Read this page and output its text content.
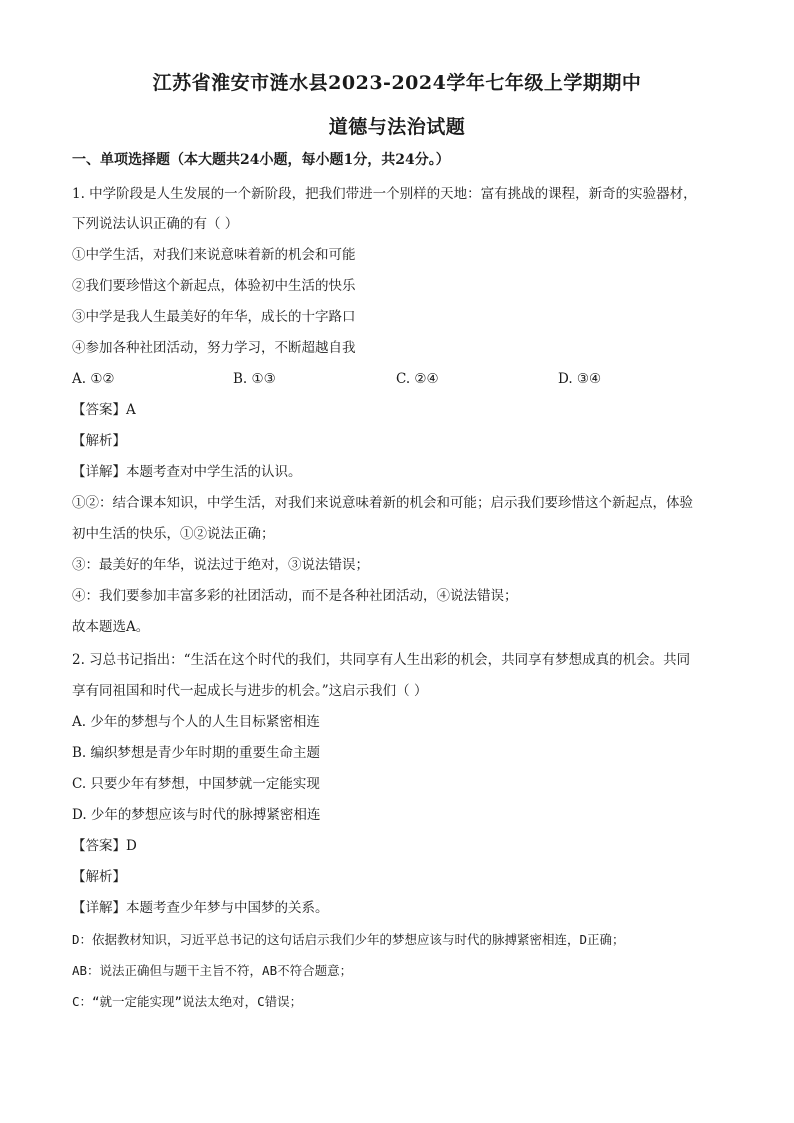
江苏省淮安市涟水县2023-2024学年七年级上学期期中
道德与法治试题
一、单项选择题（本大题共24小题，每小题1分，共24分。）
1. 中学阶段是人生发展的一个新阶段，把我们带进一个别样的天地：富有挑战的课程，新奇的实验器材，
下列说法认识正确的有（ ）
①中学生活，对我们来说意味着新的机会和可能
②我们要珍惜这个新起点，体验初中生活的快乐
③中学是我人生最美好的年华，成长的十字路口
④参加各种社团活动，努力学习，不断超越自我
A. ①②	B. ①③	C. ②④	D. ③④
【答案】A
【解析】
【详解】本题考查对中学生活的认识。
①②：结合课本知识，中学生活，对我们来说意味着新的机会和可能；启示我们要珍惜这个新起点，体验
初中生活的快乐，①②说法正确；
③：最美好的年华，说法过于绝对，③说法错误；
④：我们要参加丰富多彩的社团活动，而不是各种社团活动，④说法错误；
故本题选A。
2. 习总书记指出：“生活在这个时代的我们，共同享有人生出彩的机会，共同享有梦想成真的机会。共同
享有同祖国和时代一起成长与进步的机会。”这启示我们（ ）
A. 少年的梦想与个人的人生目标紧密相连
B. 编织梦想是青少年时期的重要生命主题
C. 只要少年有梦想，中国梦就一定能实现
D. 少年的梦想应该与时代的脉搏紧密相连
【答案】D
【解析】
【详解】本题考查少年梦与中国梦的关系。
D：依据教材知识，习近平总书记的这句话启示我们少年的梦想应该与时代的脉搏紧密相连，D正确；
AB：说法正确但与题干主旨不符，AB不符合题意；
C：“就一定能实现”说法太绝对，C错误；
